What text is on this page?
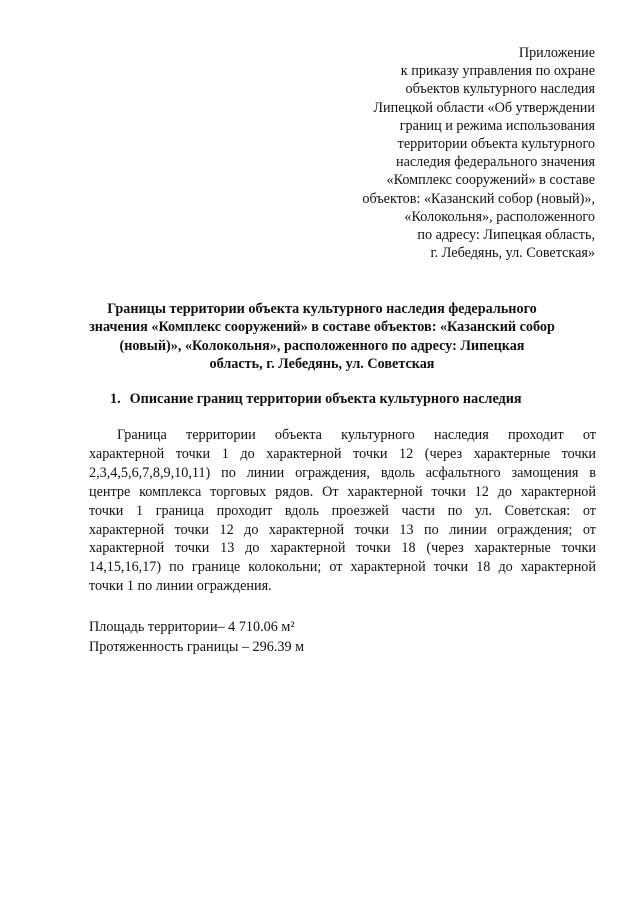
Приложение
к приказу управления по охране
объектов культурного наследия
Липецкой области «Об утверждении
границ и режима использования
территории объекта культурного
наследия федерального значения
«Комплекс сооружений» в составе
объектов: «Казанский собор (новый)»,
«Колокольня», расположенного
по адресу: Липецкая область,
г. Лебедянь, ул. Советская»
Границы территории объекта культурного наследия федерального
значения «Комплекс сооружений» в составе объектов: «Казанский собор
(новый)», «Колокольня», расположенного по адресу: Липецкая
область, г. Лебедянь, ул. Советская
1. Описание границ территории объекта культурного наследия
Граница территории объекта культурного наследия проходит от
характерной точки 1 до характерной точки 12 (через характерные точки
2,3,4,5,6,7,8,9,10,11) по линии ограждения, вдоль асфальтного замощения в
центре комплекса торговых рядов. От характерной точки 12 до характерной
точки 1 граница проходит вдоль проезжей части по ул. Советская: от
характерной точки 12 до характерной точки 13 по линии ограждения; от
характерной точки 13 до характерной точки 18 (через характерные точки
14,15,16,17) по границе колокольни; от характерной точки 18 до характерной
точки 1 по линии ограждения.
Площадь территории– 4 710.06 м²
Протяженность границы – 296.39 м
